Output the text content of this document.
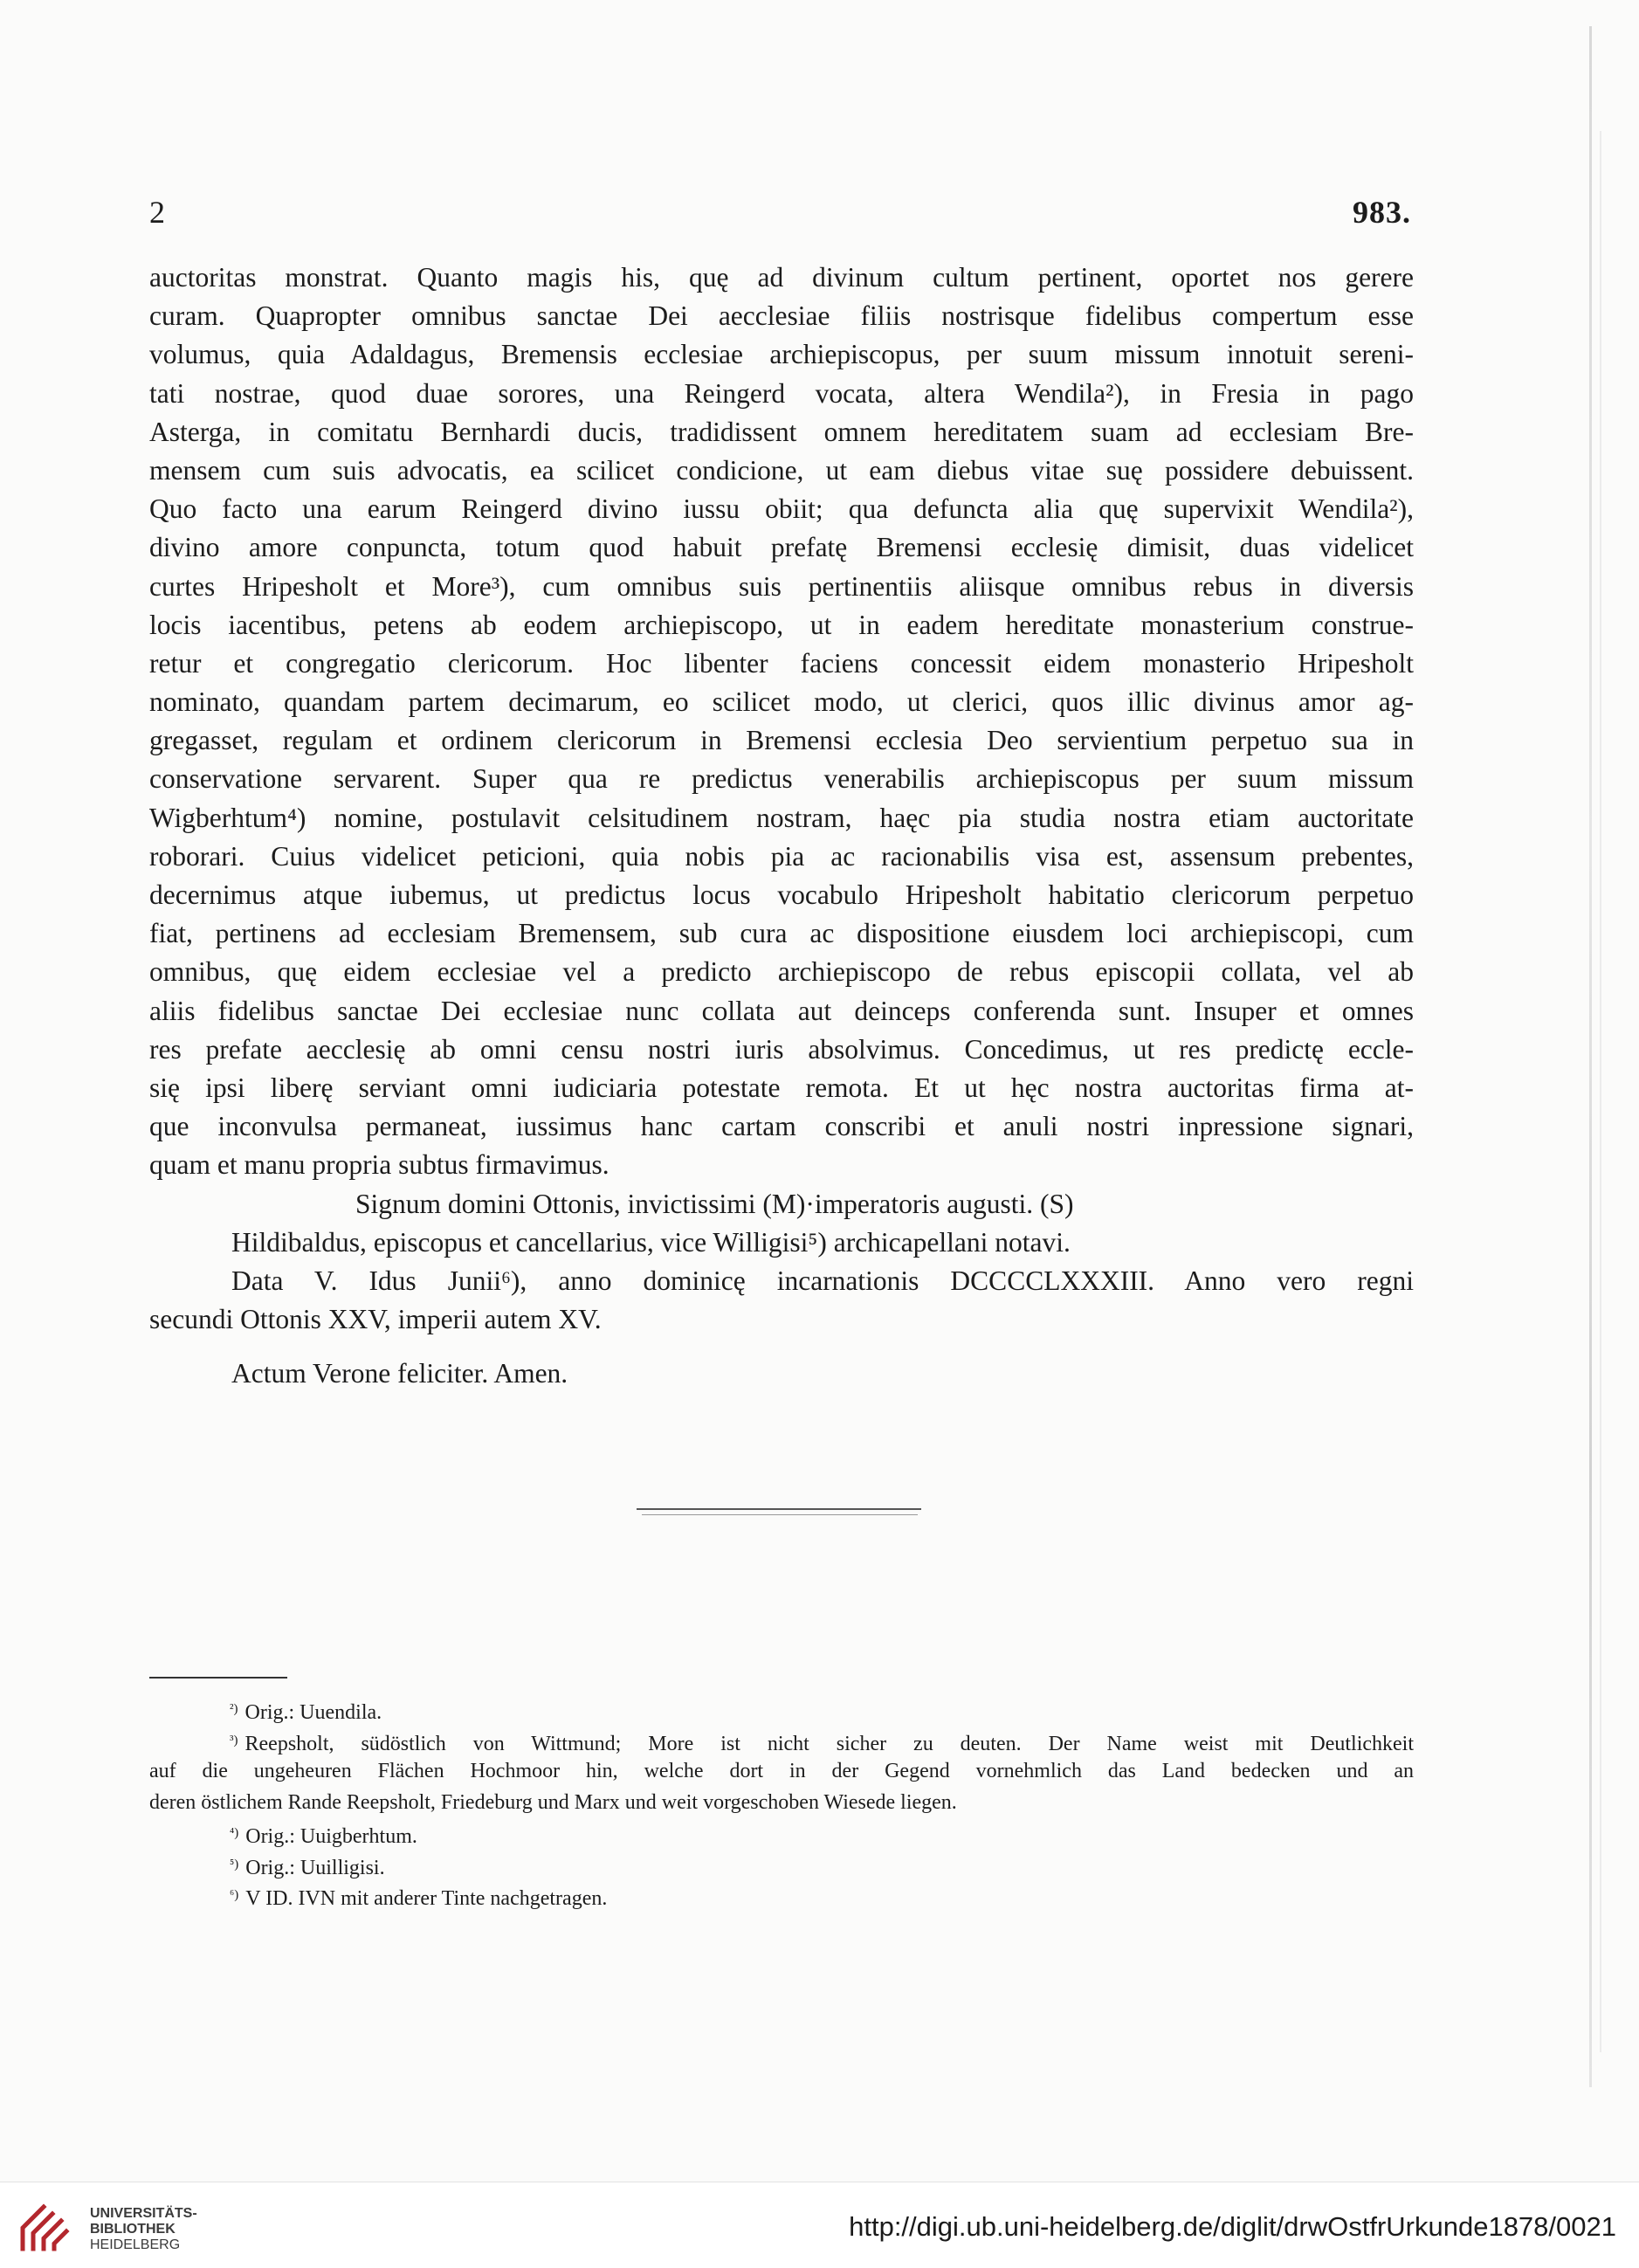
2	983.
auctoritas monstrat. Quanto magis his, quę ad divinum cultum pertinent, oportet nos gerere
curam. Quapropter omnibus sanctae Dei aecclesiae filiis nostrisque fidelibus compertum esse
volumus, quia Adaldagus, Bremensis ecclesiae archiepiscopus, per suum missum innotuit sereni-
tati nostrae, quod duae sorores, una Reingerd vocata, altera Wendila²), in Fresia in pago
Asterga, in comitatu Bernhardi ducis, tradidissent omnem hereditatem suam ad ecclesiam Bre-
mensem cum suis advocatis, ea scilicet condicione, ut eam diebus vitae suę possidere debuissent.
Quo facto una earum Reingerd divino iussu obiit; qua defuncta alia quę supervixit Wendila²),
divino amore conpuncta, totum quod habuit prefatę Bremensi ecclesię dimisit, duas videlicet
curtes Hripesholt et More³), cum omnibus suis pertinentiis aliisque omnibus rebus in diversis
locis iacentibus, petens ab eodem archiepiscopo, ut in eadem hereditate monasterium construe-
retur et congregatio clericorum. Hoc libenter faciens concessit eidem monasterio Hripesholt
nominato, quandam partem decimarum, eo scilicet modo, ut clerici, quos illic divinus amor ag-
gregasset, regulam et ordinem clericorum in Bremensi ecclesia Deo servientium perpetuo sua in
conservatione servarent. Super qua re predictus venerabilis archiepiscopus per suum missum
Wigberhtum⁴) nomine, postulavit celsitudinem nostram, haęc pia studia nostra etiam auctoritate
roborari. Cuius videlicet peticioni, quia nobis pia ac racionabilis visa est, assensum prebentes,
decernimus atque iubemus, ut predictus locus vocabulo Hripesholt habitatio clericorum perpetuo
fiat, pertinens ad ecclesiam Bremensem, sub cura ac dispositione eiusdem loci archiepiscopi, cum
omnibus, quę eidem ecclesiae vel a predicto archiepiscopo de rebus episcopii collata, vel ab
aliis fidelibus sanctae Dei ecclesiae nunc collata aut deinceps conferenda sunt. Insuper et omnes
res prefate aecclesię ab omni censu nostri iuris absolvimus. Concedimus, ut res predictę eccle-
się ipsi liberę serviant omni iudiciaria potestate remota. Et ut hęc nostra auctoritas firma at-
que inconvulsa permaneat, iussimus hanc cartam conscribi et anuli nostri inpressione signari,
quam et manu propria subtus firmavimus.
Signum domini Ottonis, invictissimi (M)·imperatoris augusti. (S)
Hildibaldus, episcopus et cancellarius, vice Willigisi⁵) archicapellani notavi.
Data V. Idus Junii⁶), anno dominicę incarnationis DCCCCLXXXIII. Anno vero regni
secundi Ottonis XXV, imperii autem XV.
Actum Verone feliciter. Amen.
$^{^2)}$ Orig.: Uuendila.
$^{^3)}$ Reepsholt, südöstlich von Wittmund; More ist nicht sicher zu deuten. Der Name weist mit Deutlichkeit
auf die ungeheuren Flächen Hochmoor hin, welche dort in der Gegend vornehmlich das Land bedecken und an
deren östlichem Rande Reepsholt, Friedeburg und Marx und weit vorgeschoben Wiesede liegen.
$^{^4)}$ Orig.: Uuigberhtum.
$^{^5)}$ Orig.: Uuilligisi.
$^{^6)}$ V ID. IVN mit anderer Tinte nachgetragen.
UNIVERSITÄTS-
BIBLIOTHEK
HEIDELBERG
http://digi.ub.uni-heidelberg.de/diglit/drwOstfrUrkunde1878/0021
